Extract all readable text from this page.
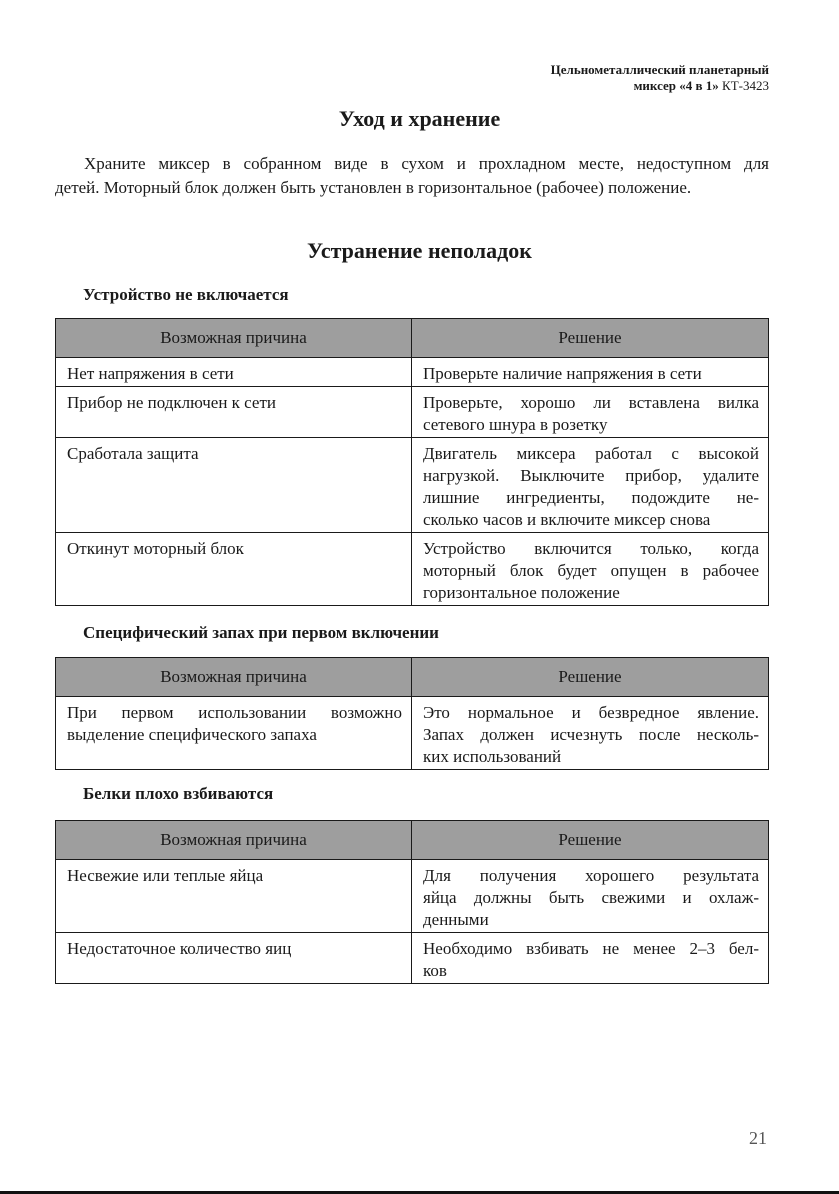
Цельнометаллический планетарный
миксер «4 в 1» КТ-3423
Уход и хранение
Храните миксер в собранном виде в сухом и прохладном месте, недоступном для
детей. Моторный блок должен быть установлен в горизонтальное (рабочее) положение.
Устранение неполадок
Устройство не включается
Возможная причина	Решение
Нет напряжения в сети	Проверьте наличие напряжения в сети

Прибор не подключен к сети	Проверьте, хорошо ли вставлена вилка
сетевого шнура в розетку

Сработала защита	Двигатель миксера работал с высокой
нагрузкой. Выключите прибор, удалите
лишние ингредиенты, подождите не-
сколько часов и включите миксер снова

Откинут моторный блок	Устройство включится только, когда
моторный блок будет опущен в рабочее
горизонтальное положение
Специфический запах при первом включении
Возможная причина	Решение
При первом использовании возможно выделение специфического запаха	Это нормальное и безвредное явление.
Запах должен исчезнуть после несколь-
ких использований
Белки плохо взбиваются
Возможная причина	Решение
Несвежие или теплые яйца	Для получения хорошего результата
яйца должны быть свежими и охлаж-
денными

Недостаточное количество яиц	Необходимо взбивать не менее 2–3 бел-
ков
21
